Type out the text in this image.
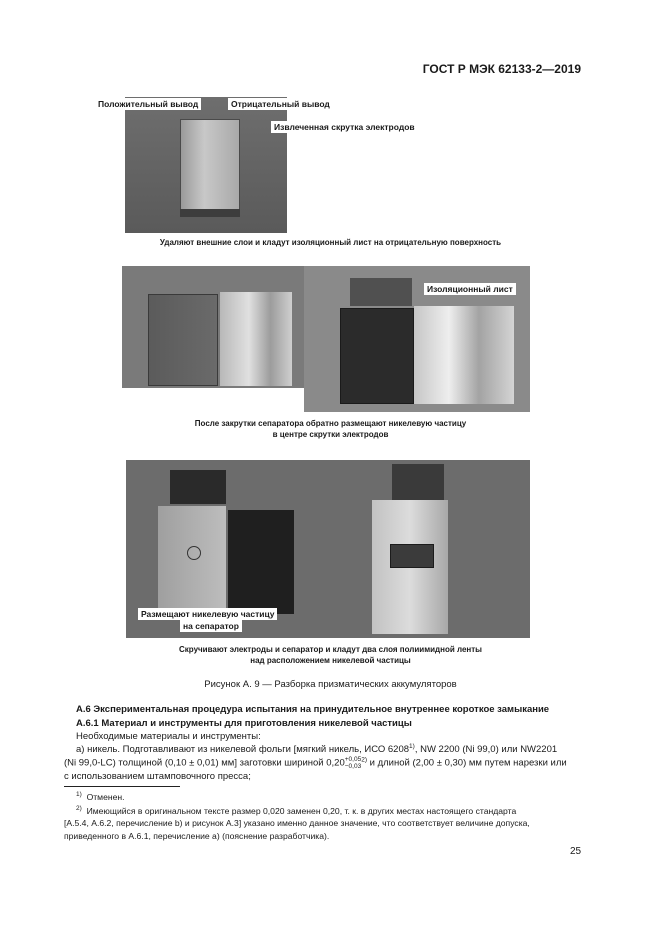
ГОСТ Р МЭК 62133-2—2019
Положительный вывод	Отрицательный вывод
Извлеченная скрутка электродов
Удаляют внешние слои и кладут изоляционный лист на отрицательную поверхность
Изоляционный лист
После закрутки сепаратора обратно размещают никелевую частицу
в центре скрутки электродов
Размещают никелевую частицу
на сепаратор
Скручивают электроды и сепаратор и кладут два слоя полиимидной ленты
над расположением никелевой частицы
Рисунок А. 9 — Разборка призматических аккумуляторов
А.6 Экспериментальная процедура испытания на принудительное внутреннее короткое замыкание
А.6.1 Материал и инструменты для приготовления никелевой частицы
Необходимые материалы и инструменты:
а) никель. Подготавливают из никелевой фольги [мягкий никель, ИСО 6208$^{1)}$, NW 2200 (Ni 99,0) или NW2201
(Ni 99,0-LC) толщиной (0,10 ± 0,01) мм] заготовки шириной 0,20+0,05
$-0,03^{2)}$ и длиной (2,00 ± 0,30) мм путем нарезки или
с использованием штамповочного пресса;
$^{1)}$ Отменен.
$^{2)}$ Имеющийся в оригинальном тексте размер 0,020 заменен 0,20, т. к. в других местах настоящего стандарта
[А.5.4, А.6.2, перечисление b) и рисунок А.3] указано именно данное значение, что соответствует величине допуска,
приведенного в А.6.1, перечисление а) (пояснение разработчика).
25
